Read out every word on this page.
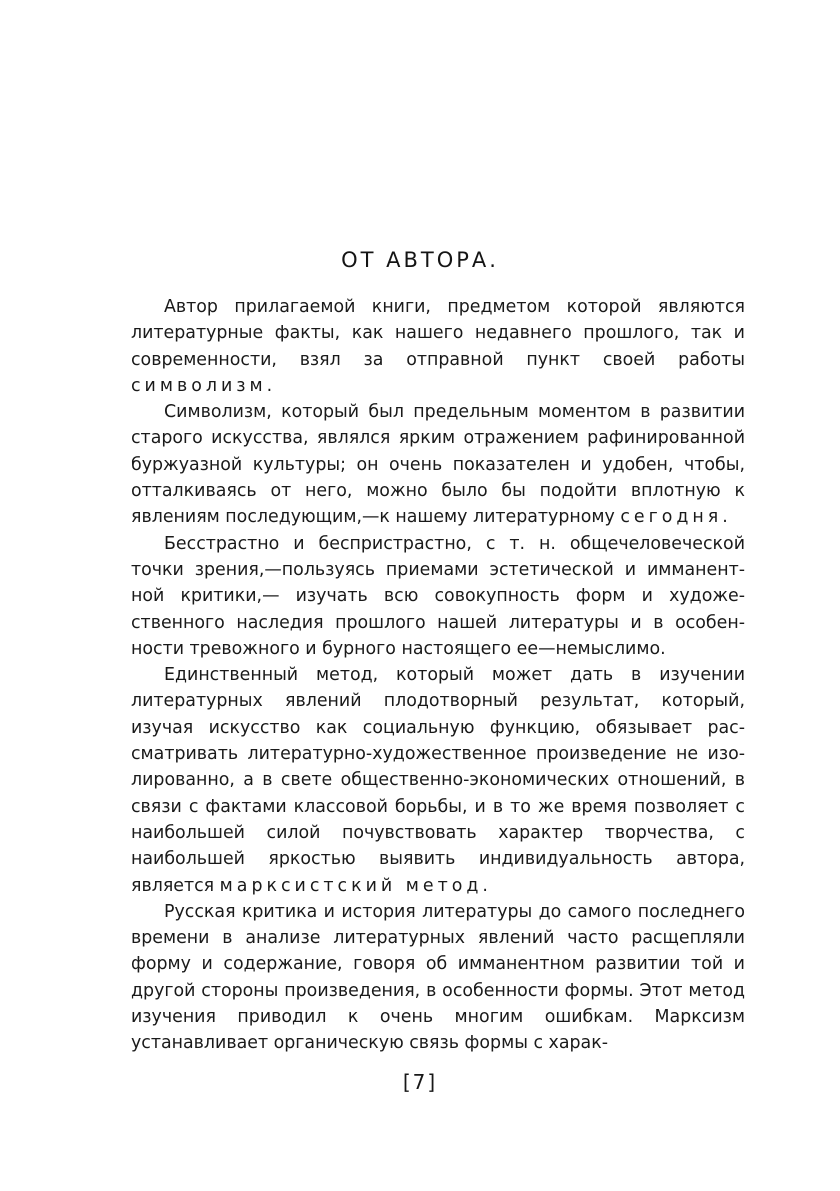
ОТ АВТОРА.

Автор прилагаемой книги, предметом которой являются литературные факты, как нашего недавнего прошлого, так и современности, взял за отправной пункт своей работы символизм.

Символизм, который был предельным моментом в развитии старого искусства, являлся ярким отражением рафинированной буржуазной культуры; он очень показателен и удобен, чтобы, отталкиваясь от него, можно было бы подойти вплотную к явлениям последующим,—к нашему литературному сегодня.

Бесстрастно и беспристрастно, с т. н. общечеловеческой точки зрения,—пользуясь приемами эстетической и имманентной критики,— изучать всю совокупность форм и художественного наследия прошлого нашей литературы и в особенности тревожного и бурного настоящего ее—немыслимо.

Единственный метод, который может дать в изучении литературных явлений плодотворный результат, который, изучая искусство как социальную функцию, обязывает рассматривать литературно-художественное произведение не изолированно, а в свете общественно-экономических отношений, в связи с фактами классовой борьбы, и в то же время позволяет с наибольшей силой почувствовать характер творчества, с наибольшей яркостью выявить индивидуальность автора, является марксистский метод.

Русская критика и история литературы до самого последнего времени в анализе литературных явлений часто расщепляли форму и содержание, говоря об имманентном развитии той и другой стороны произведения, в особенности формы. Этот метод изучения приводил к очень многим ошибкам. Марксизм устанавливает органическую связь формы с харак-

[7]
